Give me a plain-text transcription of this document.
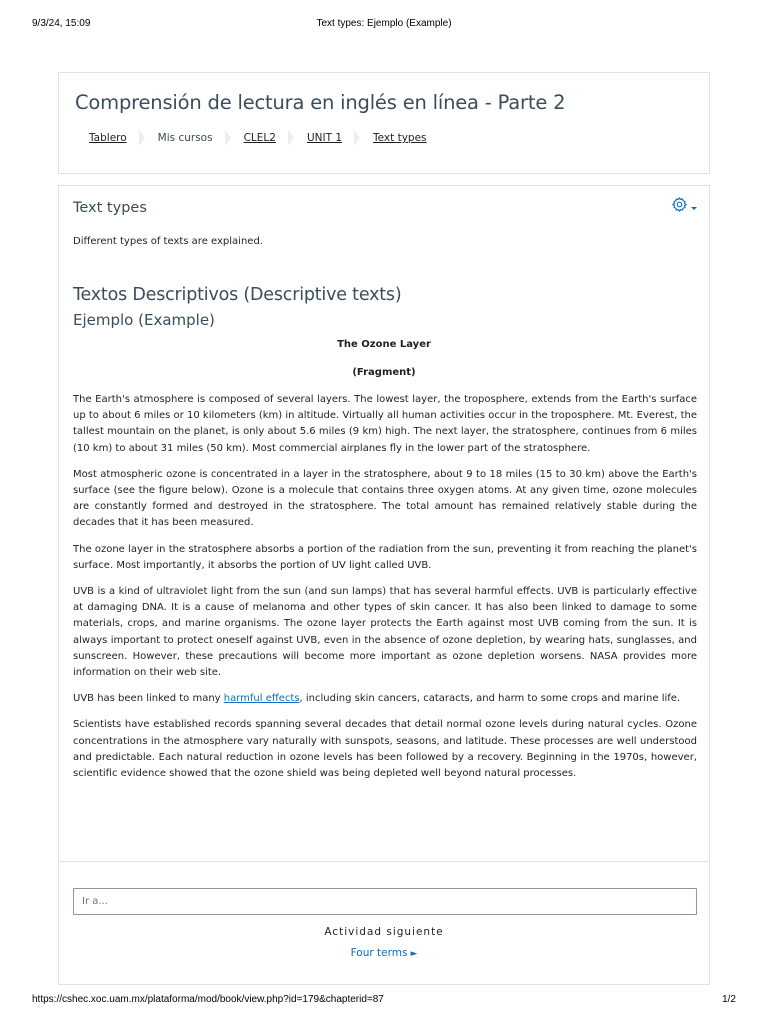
9/3/24, 15:09	Text types: Ejemplo (Example)
Comprensión de lectura en inglés en línea - Parte 2
Tablero	Mis cursos	CLEL2	UNIT 1	Text types
Text types
Different types of texts are explained.
Textos Descriptivos (Descriptive texts)
Ejemplo (Example)
The Ozone Layer
(Fragment)

The Earth's atmosphere is composed of several layers. The lowest layer, the troposphere, extends from the Earth's surface up to about 6 miles or 10 kilometers (km) in altitude. Virtually all human activities occur in the troposphere. Mt. Everest, the tallest mountain on the planet, is only about 5.6 miles (9 km) high. The next layer, the stratosphere, continues from 6 miles (10 km) to about 31 miles (50 km). Most commercial airplanes fly in the lower part of the stratosphere.

Most atmospheric ozone is concentrated in a layer in the stratosphere, about 9 to 18 miles (15 to 30 km) above the Earth's surface (see the figure below). Ozone is a molecule that contains three oxygen atoms. At any given time, ozone molecules are constantly formed and destroyed in the stratosphere. The total amount has remained relatively stable during the decades that it has been measured.

The ozone layer in the stratosphere absorbs a portion of the radiation from the sun, preventing it from reaching the planet's surface. Most importantly, it absorbs the portion of UV light called UVB.

UVB is a kind of ultraviolet light from the sun (and sun lamps) that has several harmful effects. UVB is particularly effective at damaging DNA. It is a cause of melanoma and other types of skin cancer. It has also been linked to damage to some materials, crops, and marine organisms. The ozone layer protects the Earth against most UVB coming from the sun. It is always important to protect oneself against UVB, even in the absence of ozone depletion, by wearing hats, sunglasses, and sunscreen. However, these precautions will become more important as ozone depletion worsens. NASA provides more information on their web site.

UVB has been linked to many harmful effects, including skin cancers, cataracts, and harm to some crops and marine life.

Scientists have established records spanning several decades that detail normal ozone levels during natural cycles. Ozone concentrations in the atmosphere vary naturally with sunspots, seasons, and latitude. These processes are well understood and predictable. Each natural reduction in ozone levels has been followed by a recovery. Beginning in the 1970s, however, scientific evidence showed that the ozone shield was being depleted well beyond natural processes.

Ir a...
Actividad siguiente
Four terms ►
https://cshec.xoc.uam.mx/plataforma/mod/book/view.php?id=179&chapterid=87	1/2
